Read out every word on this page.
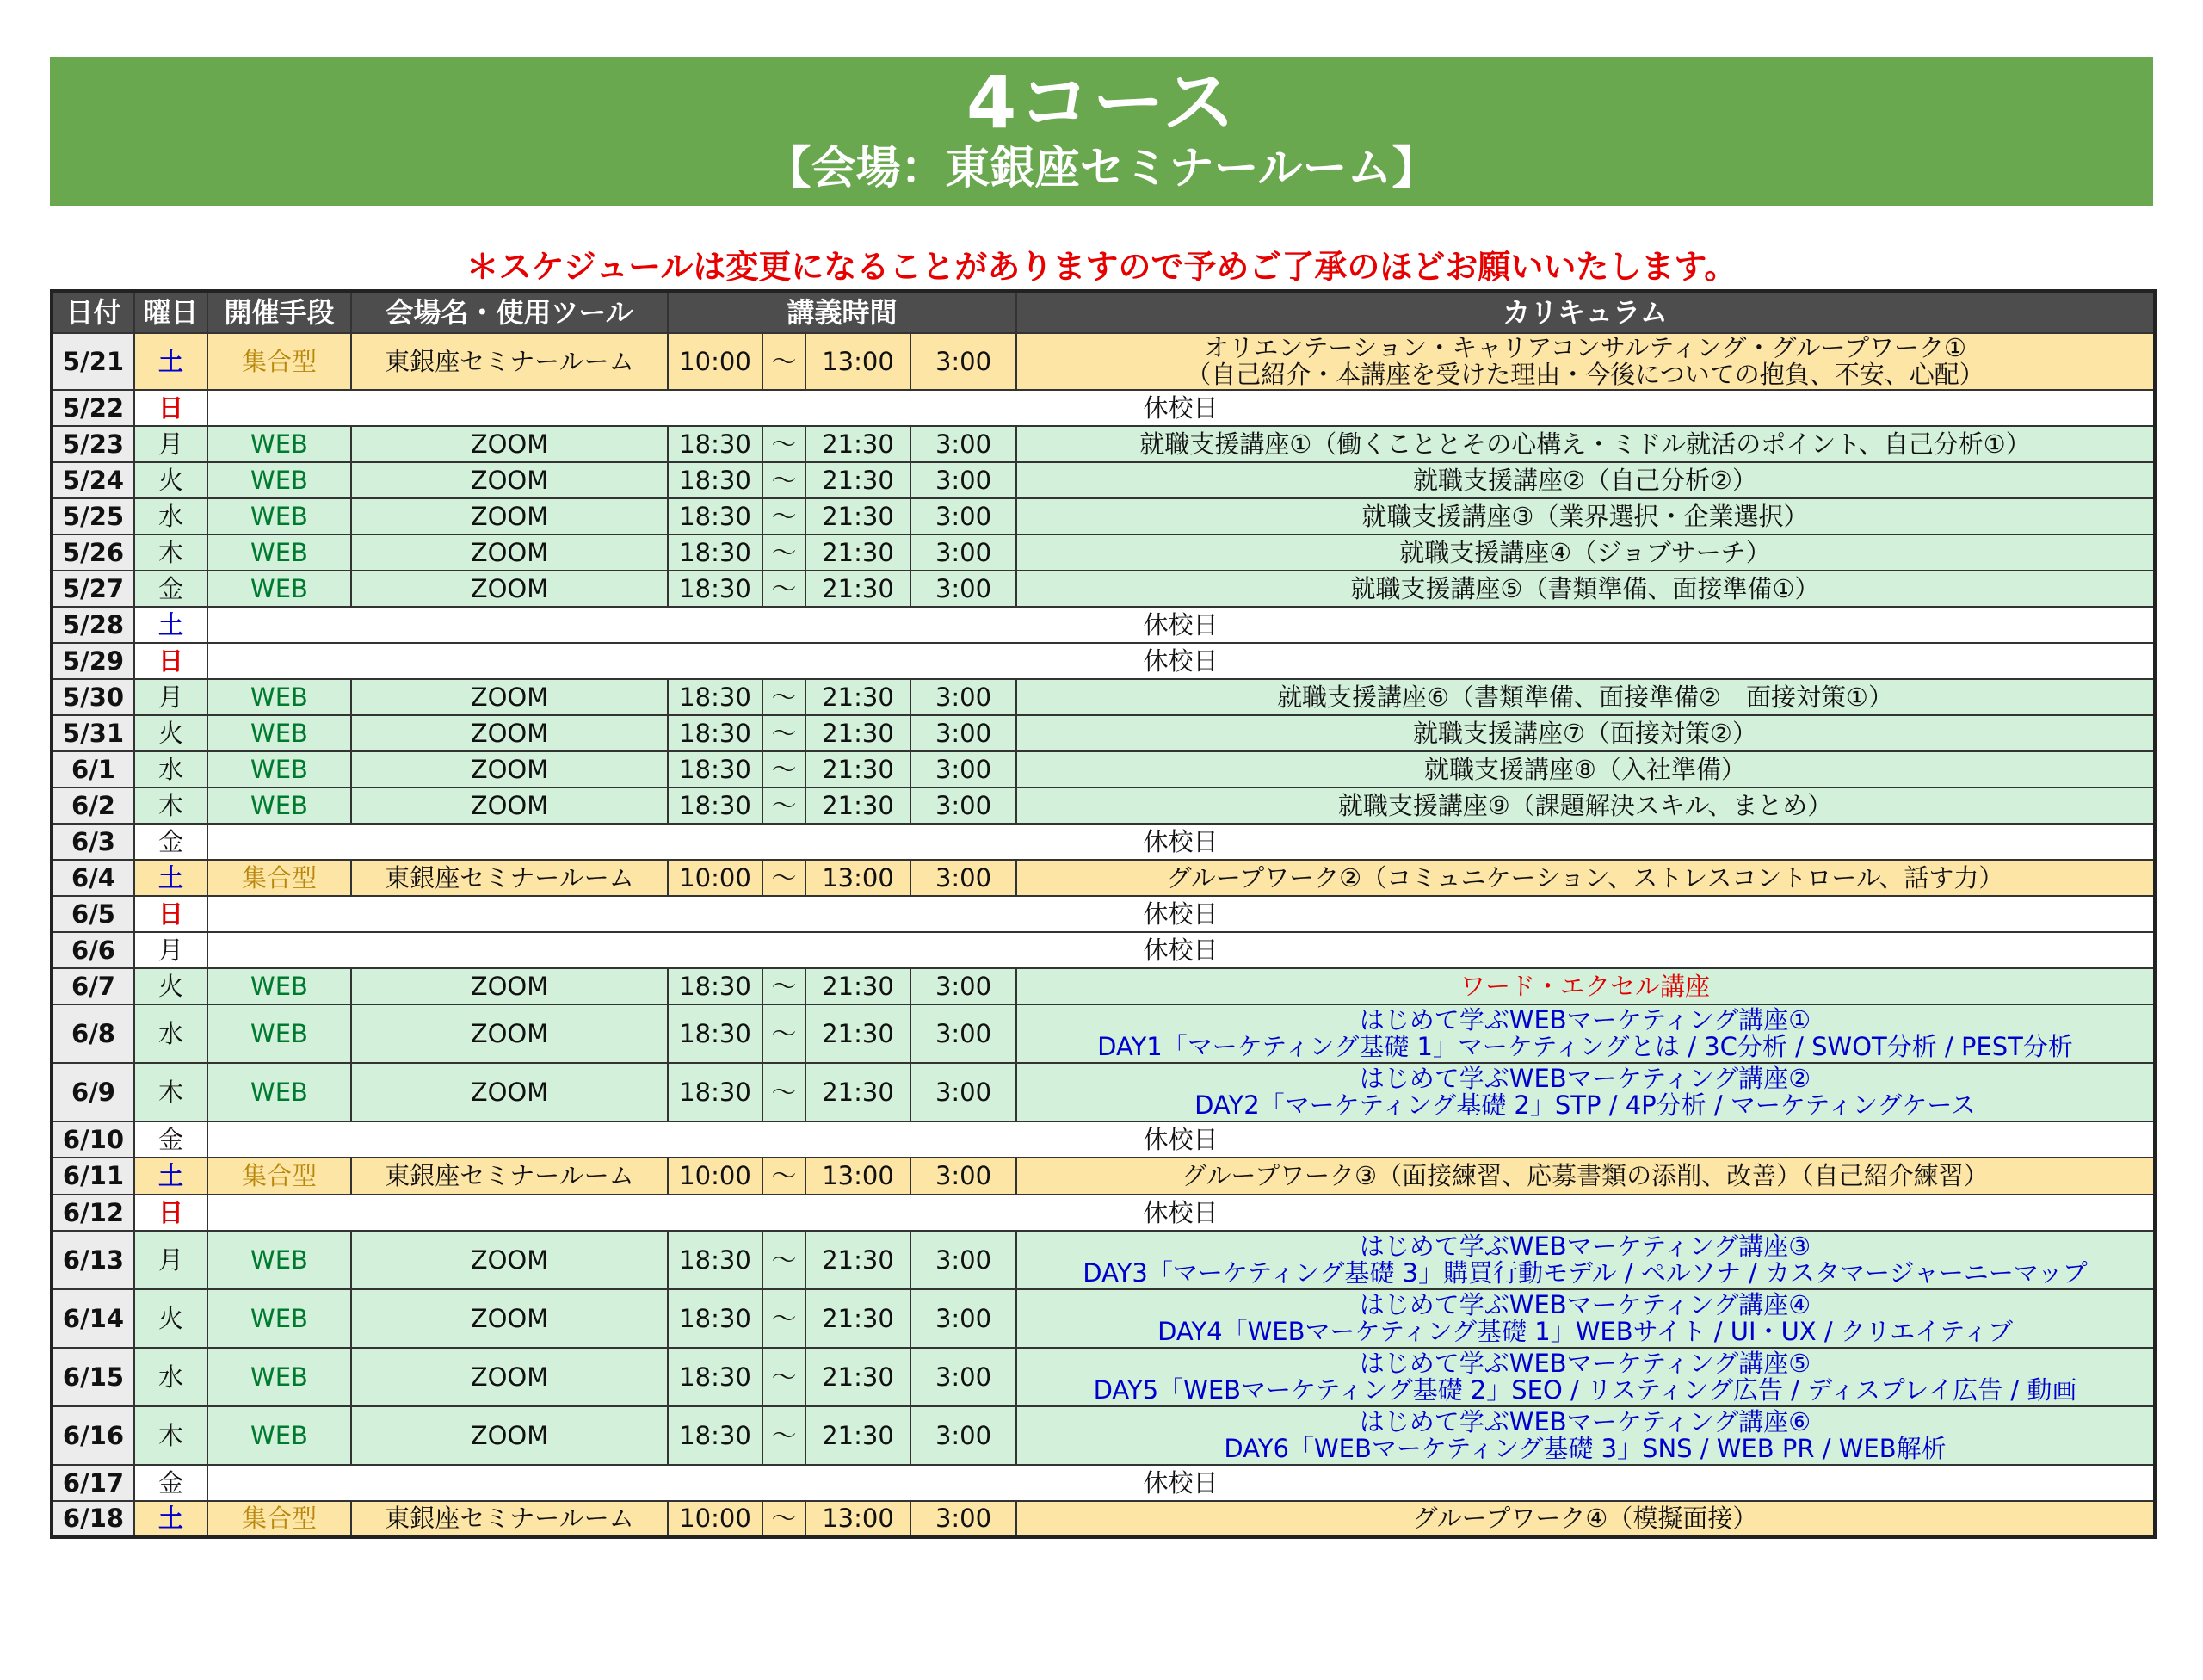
4コース
【会場：東銀座セミナールーム】
＊スケジュールは変更になることがありますので予めご了承のほどお願いいたします。
日付	曜日	開催手段	会場名・使用ツール	講義時間				カリキュラム
5/21	土	集合型	東銀座セミナールーム	10:00	～	13:00	3:00	オリエンテーション・キャリアコンサルティング・グループワーク①
（自己紹介・本講座を受けた理由・今後についての抱負、不安、心配）

5/22	日	休校日						
5/23	月	WEB	ZOOM	18:30	～	21:30	3:00	就職支援講座①（働くこととその心構え・ミドル就活のポイント、自己分析①）

5/24	火	WEB	ZOOM	18:30	～	21:30	3:00	就職支援講座②（自己分析②）

5/25	水	WEB	ZOOM	18:30	～	21:30	3:00	就職支援講座③（業界選択・企業選択）

5/26	木	WEB	ZOOM	18:30	～	21:30	3:00	就職支援講座④（ジョブサーチ）

5/27	金	WEB	ZOOM	18:30	～	21:30	3:00	就職支援講座⑤（書類準備、面接準備①）

5/28	土	休校日						
5/29	日	休校日						
5/30	月	WEB	ZOOM	18:30	～	21:30	3:00	就職支援講座⑥（書類準備、面接準備②　面接対策①）

5/31	火	WEB	ZOOM	18:30	～	21:30	3:00	就職支援講座⑦（面接対策②）

6/1	水	WEB	ZOOM	18:30	～	21:30	3:00	就職支援講座⑧（入社準備）

6/2	木	WEB	ZOOM	18:30	～	21:30	3:00	就職支援講座⑨（課題解決スキル、まとめ）

6/3	金	休校日						
6/4	土	集合型	東銀座セミナールーム	10:00	～	13:00	3:00	グループワーク②（コミュニケーション、ストレスコントロール、話す力）

6/5	日	休校日						
6/6	月	休校日						
6/7	火	WEB	ZOOM	18:30	～	21:30	3:00	ワード・エクセル講座

6/8	水	WEB	ZOOM	18:30	～	21:30	3:00	はじめて学ぶWEBマーケティング講座①
DAY1「マーケティング基礎 1」マーケティングとは / 3C分析 / SWOT分析 / PEST分析

6/9	木	WEB	ZOOM	18:30	～	21:30	3:00	はじめて学ぶWEBマーケティング講座②
DAY2「マーケティング基礎 2」STP / 4P分析 / マーケティングケース

6/10	金	休校日						
6/11	土	集合型	東銀座セミナールーム	10:00	～	13:00	3:00	グループワーク③（面接練習、応募書類の添削、改善）（自己紹介練習）

6/12	日	休校日						
6/13	月	WEB	ZOOM	18:30	～	21:30	3:00	はじめて学ぶWEBマーケティング講座③
DAY3「マーケティング基礎 3」購買行動モデル / ペルソナ / カスタマージャーニーマップ

6/14	火	WEB	ZOOM	18:30	～	21:30	3:00	はじめて学ぶWEBマーケティング講座④
DAY4「WEBマーケティング基礎 1」WEBサイト / UI・UX / クリエイティブ

6/15	水	WEB	ZOOM	18:30	～	21:30	3:00	はじめて学ぶWEBマーケティング講座⑤
DAY5「WEBマーケティング基礎 2」SEO / リスティング広告 / ディスプレイ広告 / 動画

6/16	木	WEB	ZOOM	18:30	～	21:30	3:00	はじめて学ぶWEBマーケティング講座⑥
DAY6「WEBマーケティング基礎 3」SNS / WEB PR / WEB解析

6/17	金	休校日						
6/18	土	集合型	東銀座セミナールーム	10:00	～	13:00	3:00	グループワーク④（模擬面接）
